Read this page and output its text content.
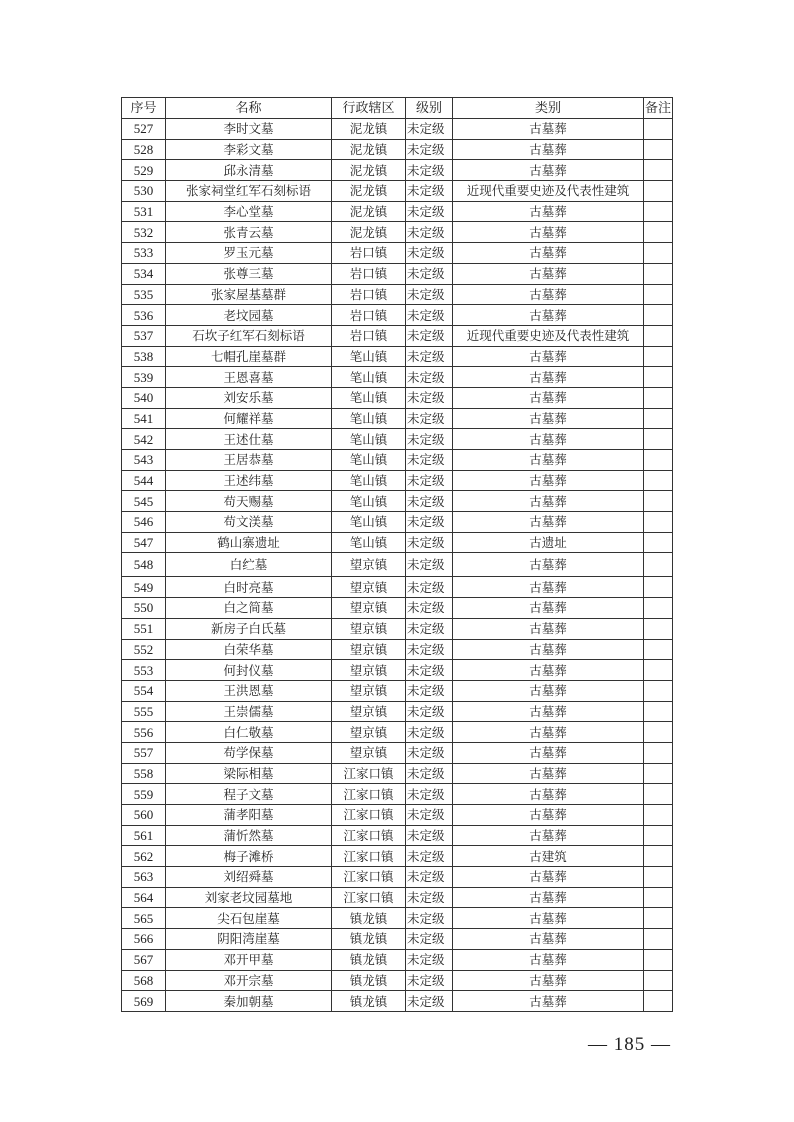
序号	名称	行政辖区	级别	类别	备注
527	李时文墓	泥龙镇	未定级	古墓葬	
528	李彩文墓	泥龙镇	未定级	古墓葬	
529	邱永清墓	泥龙镇	未定级	古墓葬	
530	张家祠堂红军石刻标语	泥龙镇	未定级	近现代重要史迹及代表性建筑	
531	李心堂墓	泥龙镇	未定级	古墓葬	
532	张青云墓	泥龙镇	未定级	古墓葬	
533	罗玉元墓	岩口镇	未定级	古墓葬	
534	张尊三墓	岩口镇	未定级	古墓葬	
535	张家屋基墓群	岩口镇	未定级	古墓葬	
536	老坟园墓	岩口镇	未定级	古墓葬	
537	石坎子红军石刻标语	岩口镇	未定级	近现代重要史迹及代表性建筑	
538	七帽孔崖墓群	笔山镇	未定级	古墓葬	
539	王恩喜墓	笔山镇	未定级	古墓葬	
540	刘安乐墓	笔山镇	未定级	古墓葬	
541	何耀祥墓	笔山镇	未定级	古墓葬	
542	王述仕墓	笔山镇	未定级	古墓葬	
543	王居恭墓	笔山镇	未定级	古墓葬	
544	王述纬墓	笔山镇	未定级	古墓葬	
545	苟天赐墓	笔山镇	未定级	古墓葬	
546	苟文渼墓	笔山镇	未定级	古墓葬	
547	鹤山寨遗址	笔山镇	未定级	古遗址	
548	白纻墓	望京镇	未定级	古墓葬	
549	白时亮墓	望京镇	未定级	古墓葬	
550	白之简墓	望京镇	未定级	古墓葬	
551	新房子白氏墓	望京镇	未定级	古墓葬	
552	白荣华墓	望京镇	未定级	古墓葬	
553	何封仪墓	望京镇	未定级	古墓葬	
554	王洪恩墓	望京镇	未定级	古墓葬	
555	王崇儒墓	望京镇	未定级	古墓葬	
556	白仁敬墓	望京镇	未定级	古墓葬	
557	苟学保墓	望京镇	未定级	古墓葬	
558	梁际相墓	江家口镇	未定级	古墓葬	
559	程子文墓	江家口镇	未定级	古墓葬	
560	蒲孝阳墓	江家口镇	未定级	古墓葬	
561	蒲忻然墓	江家口镇	未定级	古墓葬	
562	梅子滩桥	江家口镇	未定级	古建筑	
563	刘绍舜墓	江家口镇	未定级	古墓葬	
564	刘家老坟园墓地	江家口镇	未定级	古墓葬	
565	尖石包崖墓	镇龙镇	未定级	古墓葬	
566	阴阳湾崖墓	镇龙镇	未定级	古墓葬	
567	邓开甲墓	镇龙镇	未定级	古墓葬	
568	邓开宗墓	镇龙镇	未定级	古墓葬	
569	秦加朝墓	镇龙镇	未定级	古墓葬	
— 185 —
